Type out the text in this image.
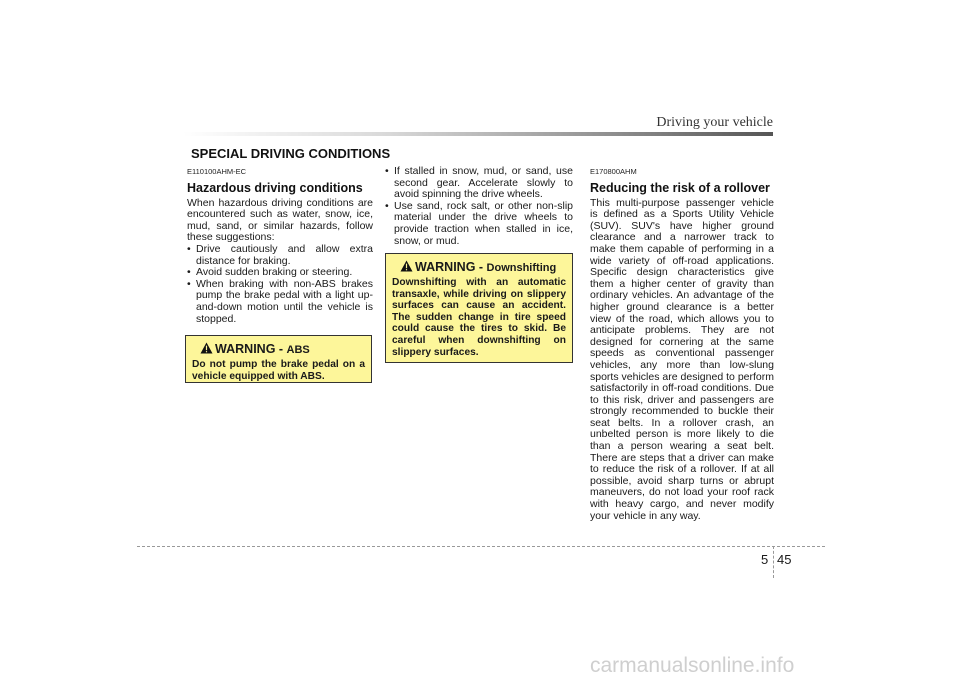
Driving your vehicle
SPECIAL DRIVING CONDITIONS
E110100AHM-EC
Hazardous driving conditions

When hazardous driving conditions are encountered such as water, snow, ice, mud, sand, or similar hazards, follow these suggestions:

• Drive cautiously and allow extra distance for braking.
• Avoid sudden braking or steering.
• When braking with non-ABS brakes pump the brake pedal with a light up-and-down motion until the vehicle is stopped.
WARNING - ABS
Do not pump the brake pedal on a vehicle equipped with ABS.
• If stalled in snow, mud, or sand, use second gear. Accelerate slowly to avoid spinning the drive wheels.
• Use sand, rock salt, or other non-slip material under the drive wheels to provide traction when stalled in ice, snow, or mud.
WARNING - Downshifting
Downshifting with an automatic transaxle, while driving on slippery surfaces can cause an accident. The sudden change in tire speed could cause the tires to skid. Be careful when downshifting on slippery surfaces.
E170800AHM
Reducing the risk of a rollover

This multi-purpose passenger vehicle is defined as a Sports Utility Vehicle (SUV). SUV's have higher ground clearance and a narrower track to make them capable of performing in a wide variety of off-road applications. Specific design characteristics give them a higher center of gravity than ordinary vehicles. An advantage of the higher ground clearance is a better view of the road, which allows you to anticipate problems. They are not designed for cornering at the same speeds as conventional passenger vehicles, any more than low-slung sports vehicles are designed to perform satisfactorily in off-road conditions. Due to this risk, driver and passengers are strongly recommended to buckle their seat belts. In a rollover crash, an unbelted person is more likely to die than a person wearing a seat belt. There are steps that a driver can make to reduce the risk of a rollover. If at all possible, avoid sharp turns or abrupt maneuvers, do not load your roof rack with heavy cargo, and never modify your vehicle in any way.

5 45
carmanualsonline.info
